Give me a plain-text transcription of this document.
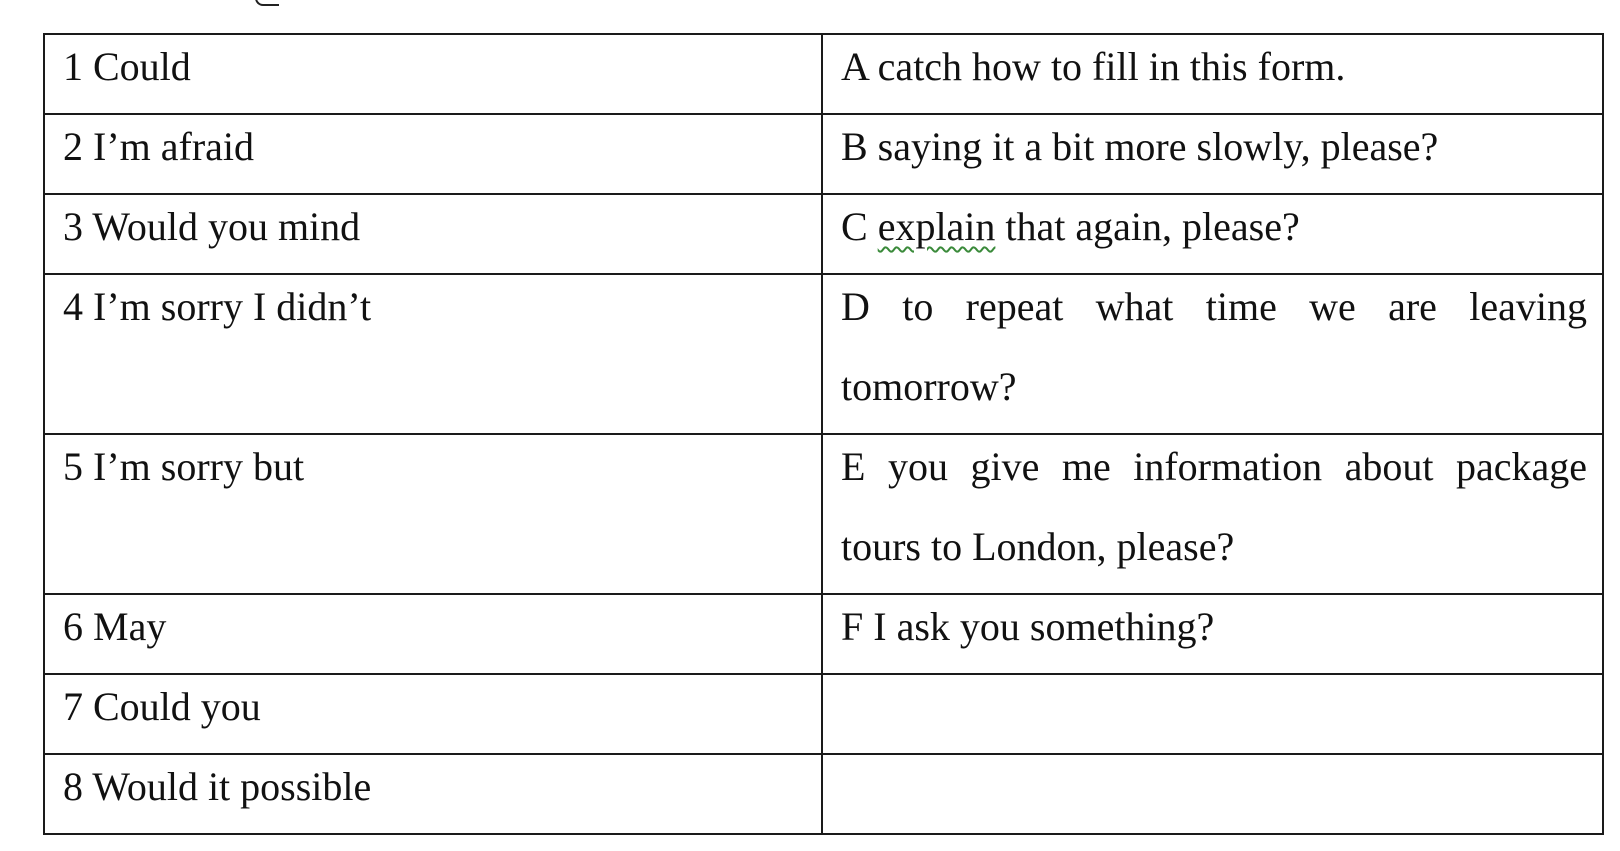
1 Could	A catch how to fill in this form.

2 I’m afraid	B saying it a bit more slowly, please?

3 Would you mind	C explain that again, please?

4 I’m sorry I didn’t	D to repeat what time we are leaving tomorrow?

5 I’m sorry but	E you give me information about package tours to London, please?

6 May	F I ask you something?

7 Could you	

8 Would it possible	
